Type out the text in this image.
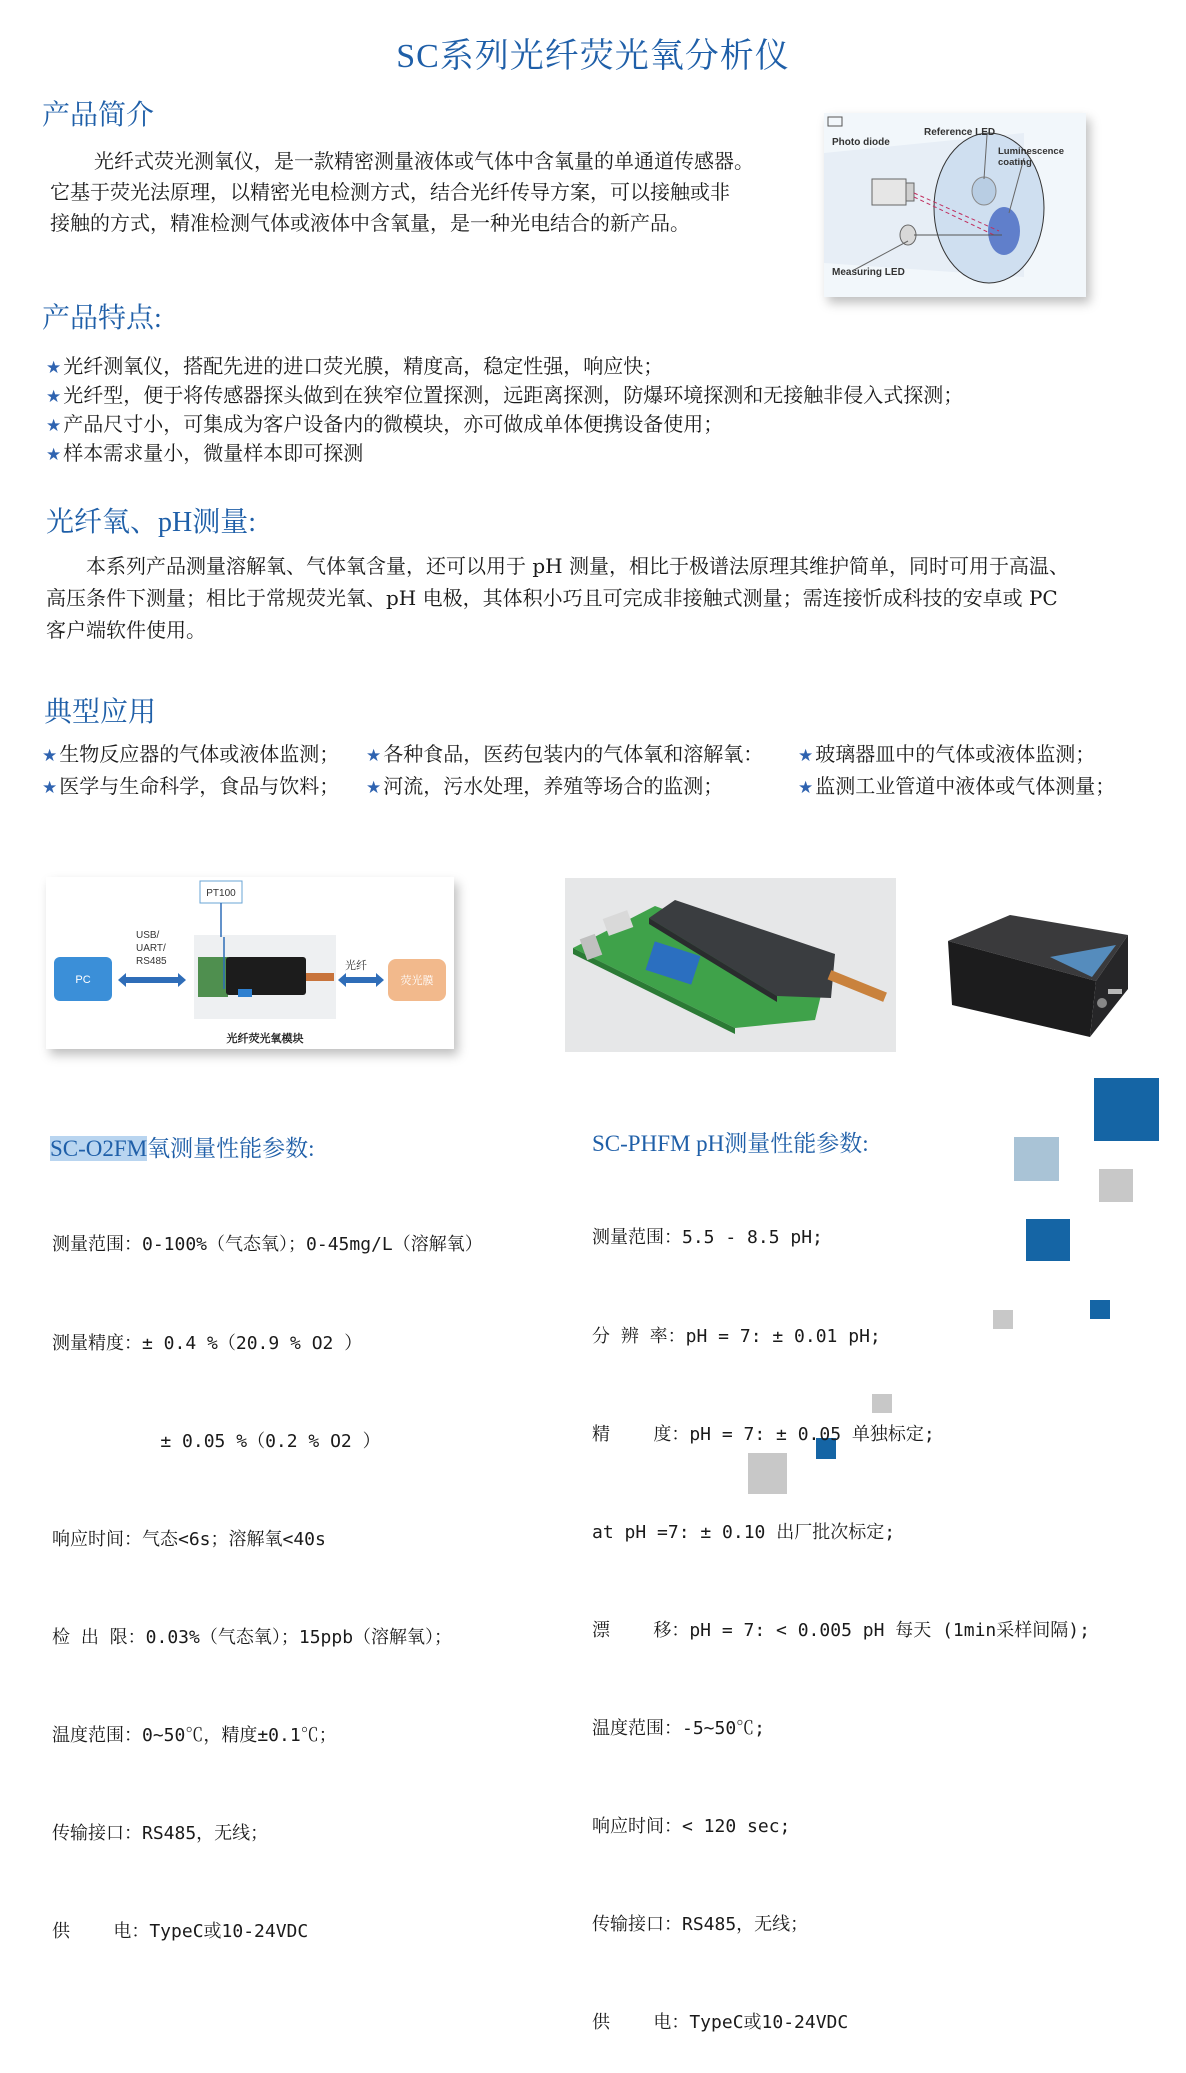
SC系列光纤荧光氧分析仪
产品简介
光纤式荧光测氧仪，是一款精密测量液体或气体中含氧量的单通道传感器。
它基于荧光法原理，以精密光电检测方式，结合光纤传导方案，可以接触或非
接触的方式，精准检测气体或液体中含氧量，是一种光电结合的新产品。
Photo diode
Reference LED
Luminescence
coating
Measuring LED
产品特点:
★ 光纤测氧仪，搭配先进的进口荧光膜，精度高，稳定性强，响应快；
★ 光纤型，便于将传感器探头做到在狭窄位置探测，远距离探测，防爆环境探测和无接触非侵入式探测；
★ 产品尺寸小，可集成为客户设备内的微模块，亦可做成单体便携设备使用；
★ 样本需求量小，微量样本即可探测
光纤氧、pH测量:
本系列产品测量溶解氧、气体氧含量，还可以用于 pH 测量，相比于极谱法原理其维护简单，同时可用于高温、
高压条件下测量；相比于常规荧光氧、pH 电极，其体积小巧且可完成非接触式测量；需连接忻成科技的安卓或 PC
客户端软件使用。
典型应用
★ 生物反应器的气体或液体监测； ★ 各种食品，医药包装内的气体氧和溶解氧： ★ 玻璃器皿中的气体或液体监测；
★ 医学与生命科学，食品与饮料； ★ 河流，污水处理，养殖等场合的监测；	★ 监测工业管道中液体或气体测量；
PT100
PC
USB/
UART/
RS485	光纤
荧光膜
光纤荧光氧模块
SC-O2FM氧测量性能参数:

测量范围：0-100%（气态氧）；0-45mg/L（溶解氧）

测量精度：± 0.4 %（20.9 % O2 ）

± 0.05 %（0.2 % O2 ）

响应时间：气态<6s；溶解氧<40s

检 出 限：0.03%（气态氧）；15ppb（溶解氧）；

温度范围：0~50℃，精度±0.1℃；

传输接口：RS485，无线；

供    电：TypeC或10-24VDC

SC-PHFM pH测量性能参数:

测量范围：5.5 - 8.5 pH;

分 辨 率：pH = 7: ± 0.01 pH;

精    度：pH = 7: ± 0.05 单独标定;

at pH =7: ± 0.10 出厂批次标定;

漂    移：pH = 7: < 0.005 pH 每天 (1min采样间隔);

温度范围：-5~50℃;

响应时间：< 120 sec;

传输接口：RS485，无线；

供    电：TypeC或10-24VDC
